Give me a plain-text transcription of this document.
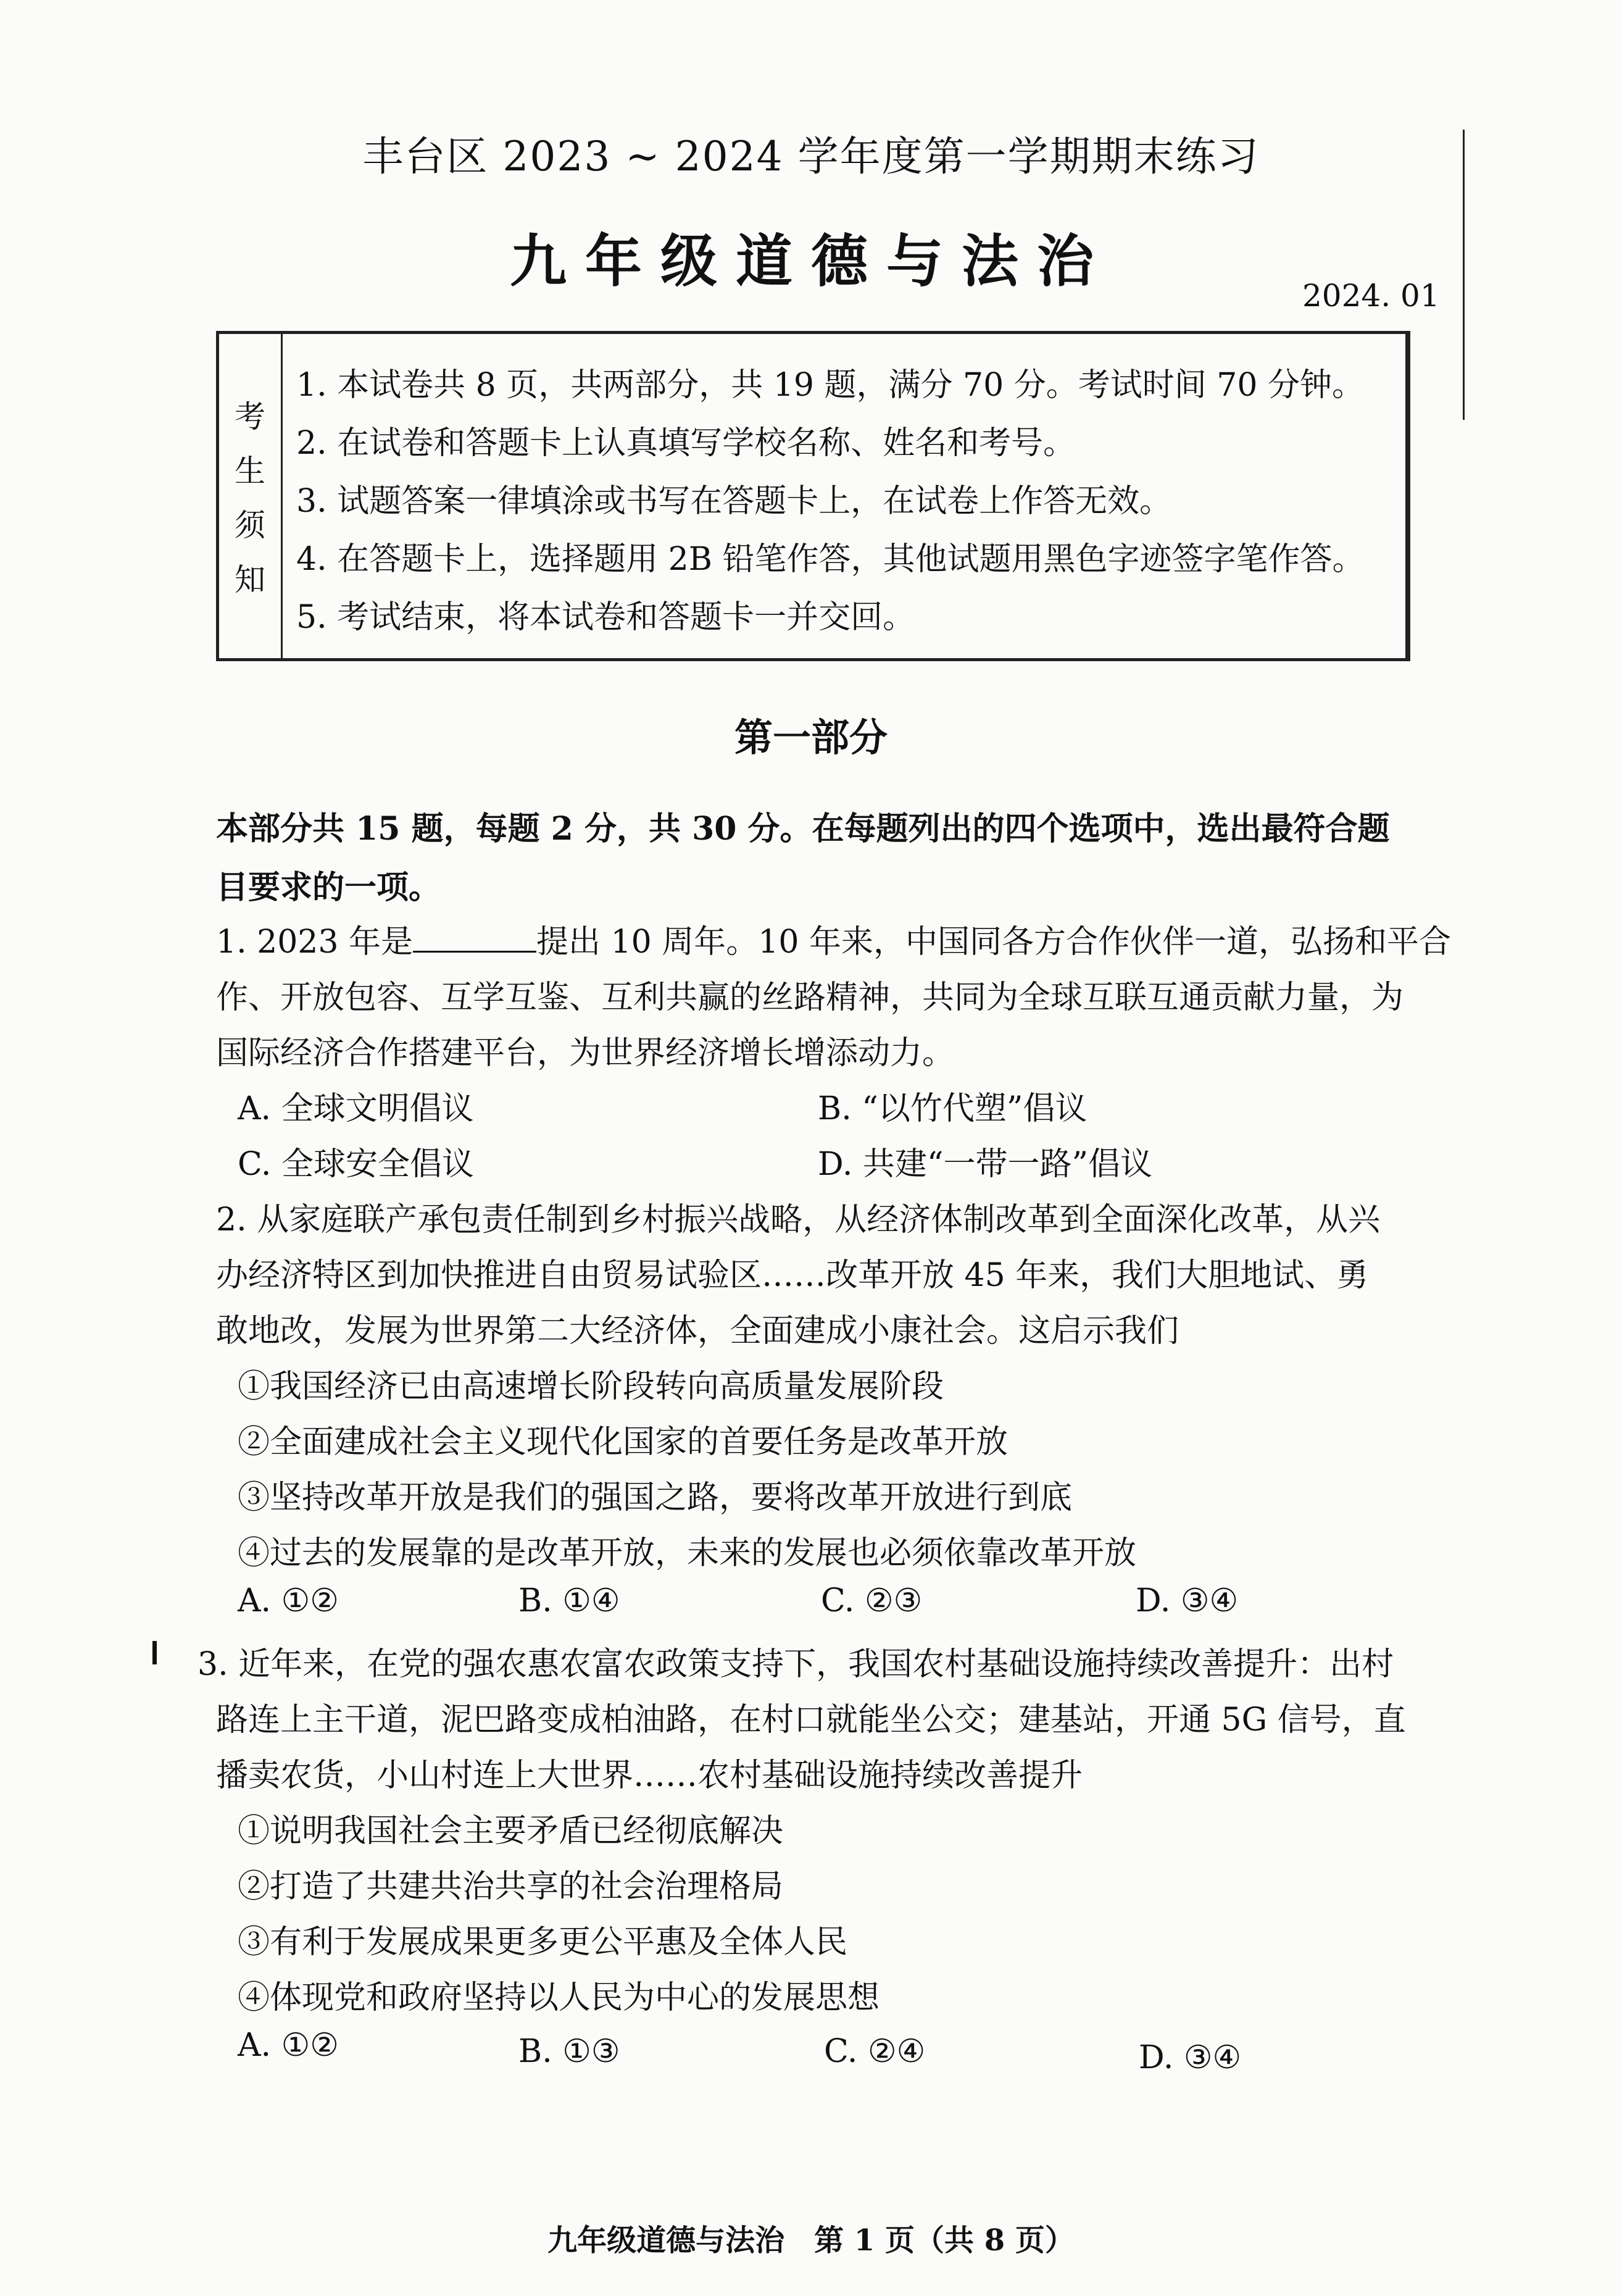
丰台区 2023 ~ 2024 学年度第一学期期末练习
九年级道德与法治
2024. 01
考生须知
1. 本试卷共 8 页，共两部分，共 19 题，满分 70 分。考试时间 70 分钟。
2. 在试卷和答题卡上认真填写学校名称、姓名和考号。
3. 试题答案一律填涂或书写在答题卡上，在试卷上作答无效。
4. 在答题卡上，选择题用 2B 铅笔作答，其他试题用黑色字迹签字笔作答。
5. 考试结束，将本试卷和答题卡一并交回。
第一部分
本部分共 15 题，每题 2 分，共 30 分。在每题列出的四个选项中，选出最符合题
目要求的一项。
1. 2023 年是	提出 10 周年。10 年来，中国同各方合作伙伴一道，弘扬和平合
作、开放包容、互学互鉴、互利共赢的丝路精神，共同为全球互联互通贡献力量，为
国际经济合作搭建平台，为世界经济增长增添动力。
A. 全球文明倡议	B. “以竹代塑”倡议
C. 全球安全倡议	D. 共建“一带一路”倡议
2. 从家庭联产承包责任制到乡村振兴战略，从经济体制改革到全面深化改革，从兴
办经济特区到加快推进自由贸易试验区……改革开放 45 年来，我们大胆地试、勇
敢地改，发展为世界第二大经济体，全面建成小康社会。这启示我们
①我国经济已由高速增长阶段转向高质量发展阶段
②全面建成社会主义现代化国家的首要任务是改革开放
③坚持改革开放是我们的强国之路，要将改革开放进行到底
④过去的发展靠的是改革开放，未来的发展也必须依靠改革开放
A. ①②	B. ①④	C. ②③	D. ③④
3. 近年来，在党的强农惠农富农政策支持下，我国农村基础设施持续改善提升：出村
路连上主干道，泥巴路变成柏油路，在村口就能坐公交；建基站，开通 5G 信号，直
播卖农货，小山村连上大世界……农村基础设施持续改善提升
①说明我国社会主要矛盾已经彻底解决
②打造了共建共治共享的社会治理格局
③有利于发展成果更多更公平惠及全体人民
④体现党和政府坚持以人民为中心的发展思想
A. ①②	B. ①③	C. ②④	D. ③④
九年级道德与法治　第 1 页（共 8 页）
